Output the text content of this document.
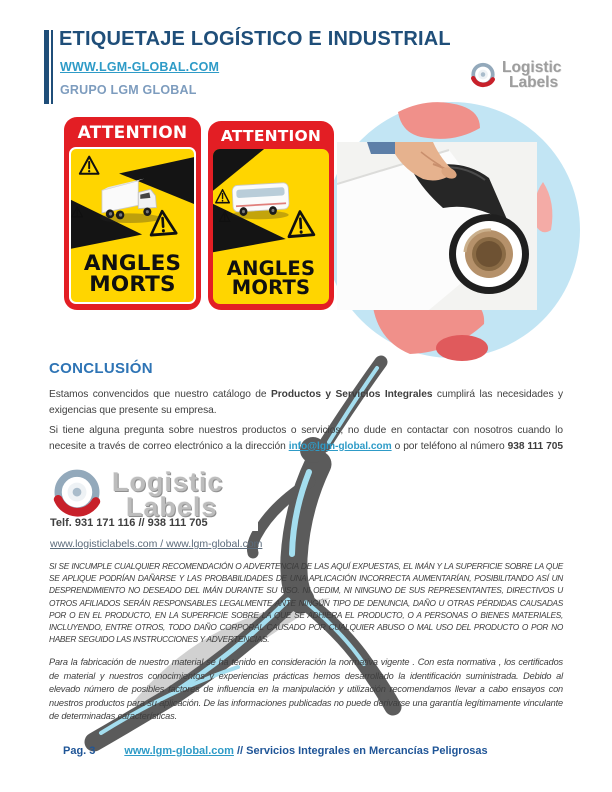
ETIQUETAJE LOGÍSTICO E INDUSTRIAL
WWW.LGM-GLOBAL.COM
GRUPO LGM GLOBAL
Logistic
Labels
ATTENTION
ANGLES
MORTS
ATTENTION
ANGLES
MORTS
CONCLUSIÓN
Estamos convencidos que nuestro catálogo de Productos y Servicios Integrales cumplirá las necesidades y exigencias que presente su empresa.
Si tiene alguna pregunta sobre nuestros productos o servicios, no dude en contactar con nosotros cuando lo necesite a través de correo electrónico a la dirección info@lgm-global.com o por teléfono al número 938 111 705
Logistic
Labels
Telf. 931 171 116 // 938 111 705
www.logisticlabels.com / www.lgm-global.com
SI SE INCUMPLE CUALQUIER RECOMENDACIÓN O ADVERTENCIA DE LAS AQUÍ EXPUESTAS, EL IMÁN Y LA SUPERFICIE SOBRE LA QUE SE APLIQUE PODRÍAN DAÑARSE Y LAS PROBABILIDADES DE UNA APLICACIÓN INCORRECTA AUMENTARÍAN, POSIBILITANDO ASÍ UN DESPRENDIMIENTO NO DESEADO DEL IMÁN DURANTE SU USO. NI OEDIM, NI NINGUNO DE SUS REPRESENTANTES, DIRECTIVOS U OTROS AFILIADOS SERÁN RESPONSABLES LEGALMENTE ANTE NINGÚN TIPO DE DENUNCIA, DAÑO U OTRAS PÉRDIDAS CAUSADAS POR O EN EL PRODUCTO, EN LA SUPERFICIE SOBRE LA QUE SE ADHIERA EL PRODUCTO, O A PERSONAS O BIENES MATERIALES, INCLUYENDO, ENTRE OTROS, TODO DAÑO CORPORAL CAUSADO POR CUALQUIER ABUSO O MAL USO DEL PRODUCTO O POR NO HABER SEGUIDO LAS INSTRUCCIONES Y ADVERTENCIAS.
Para la fabricación de nuestro material se ha tenido en consideración la normativa vigente . Con esta normativa , los certificados de material y nuestros conocimientos y experiencias prácticas hemos desarrollado la identificación suministrada. Debido al elevado número de posibles factores de influencia en la manipulación y utilización recomendamos llevar a cabo ensayos con nuestros productos para su aplicación. De las informaciones publicadas no puede derivarse una garantía legítimamente vinculante de determinadas características.
Pag. 3	www.lgm-global.com // Servicios Integrales en Mercancías Peligrosas
